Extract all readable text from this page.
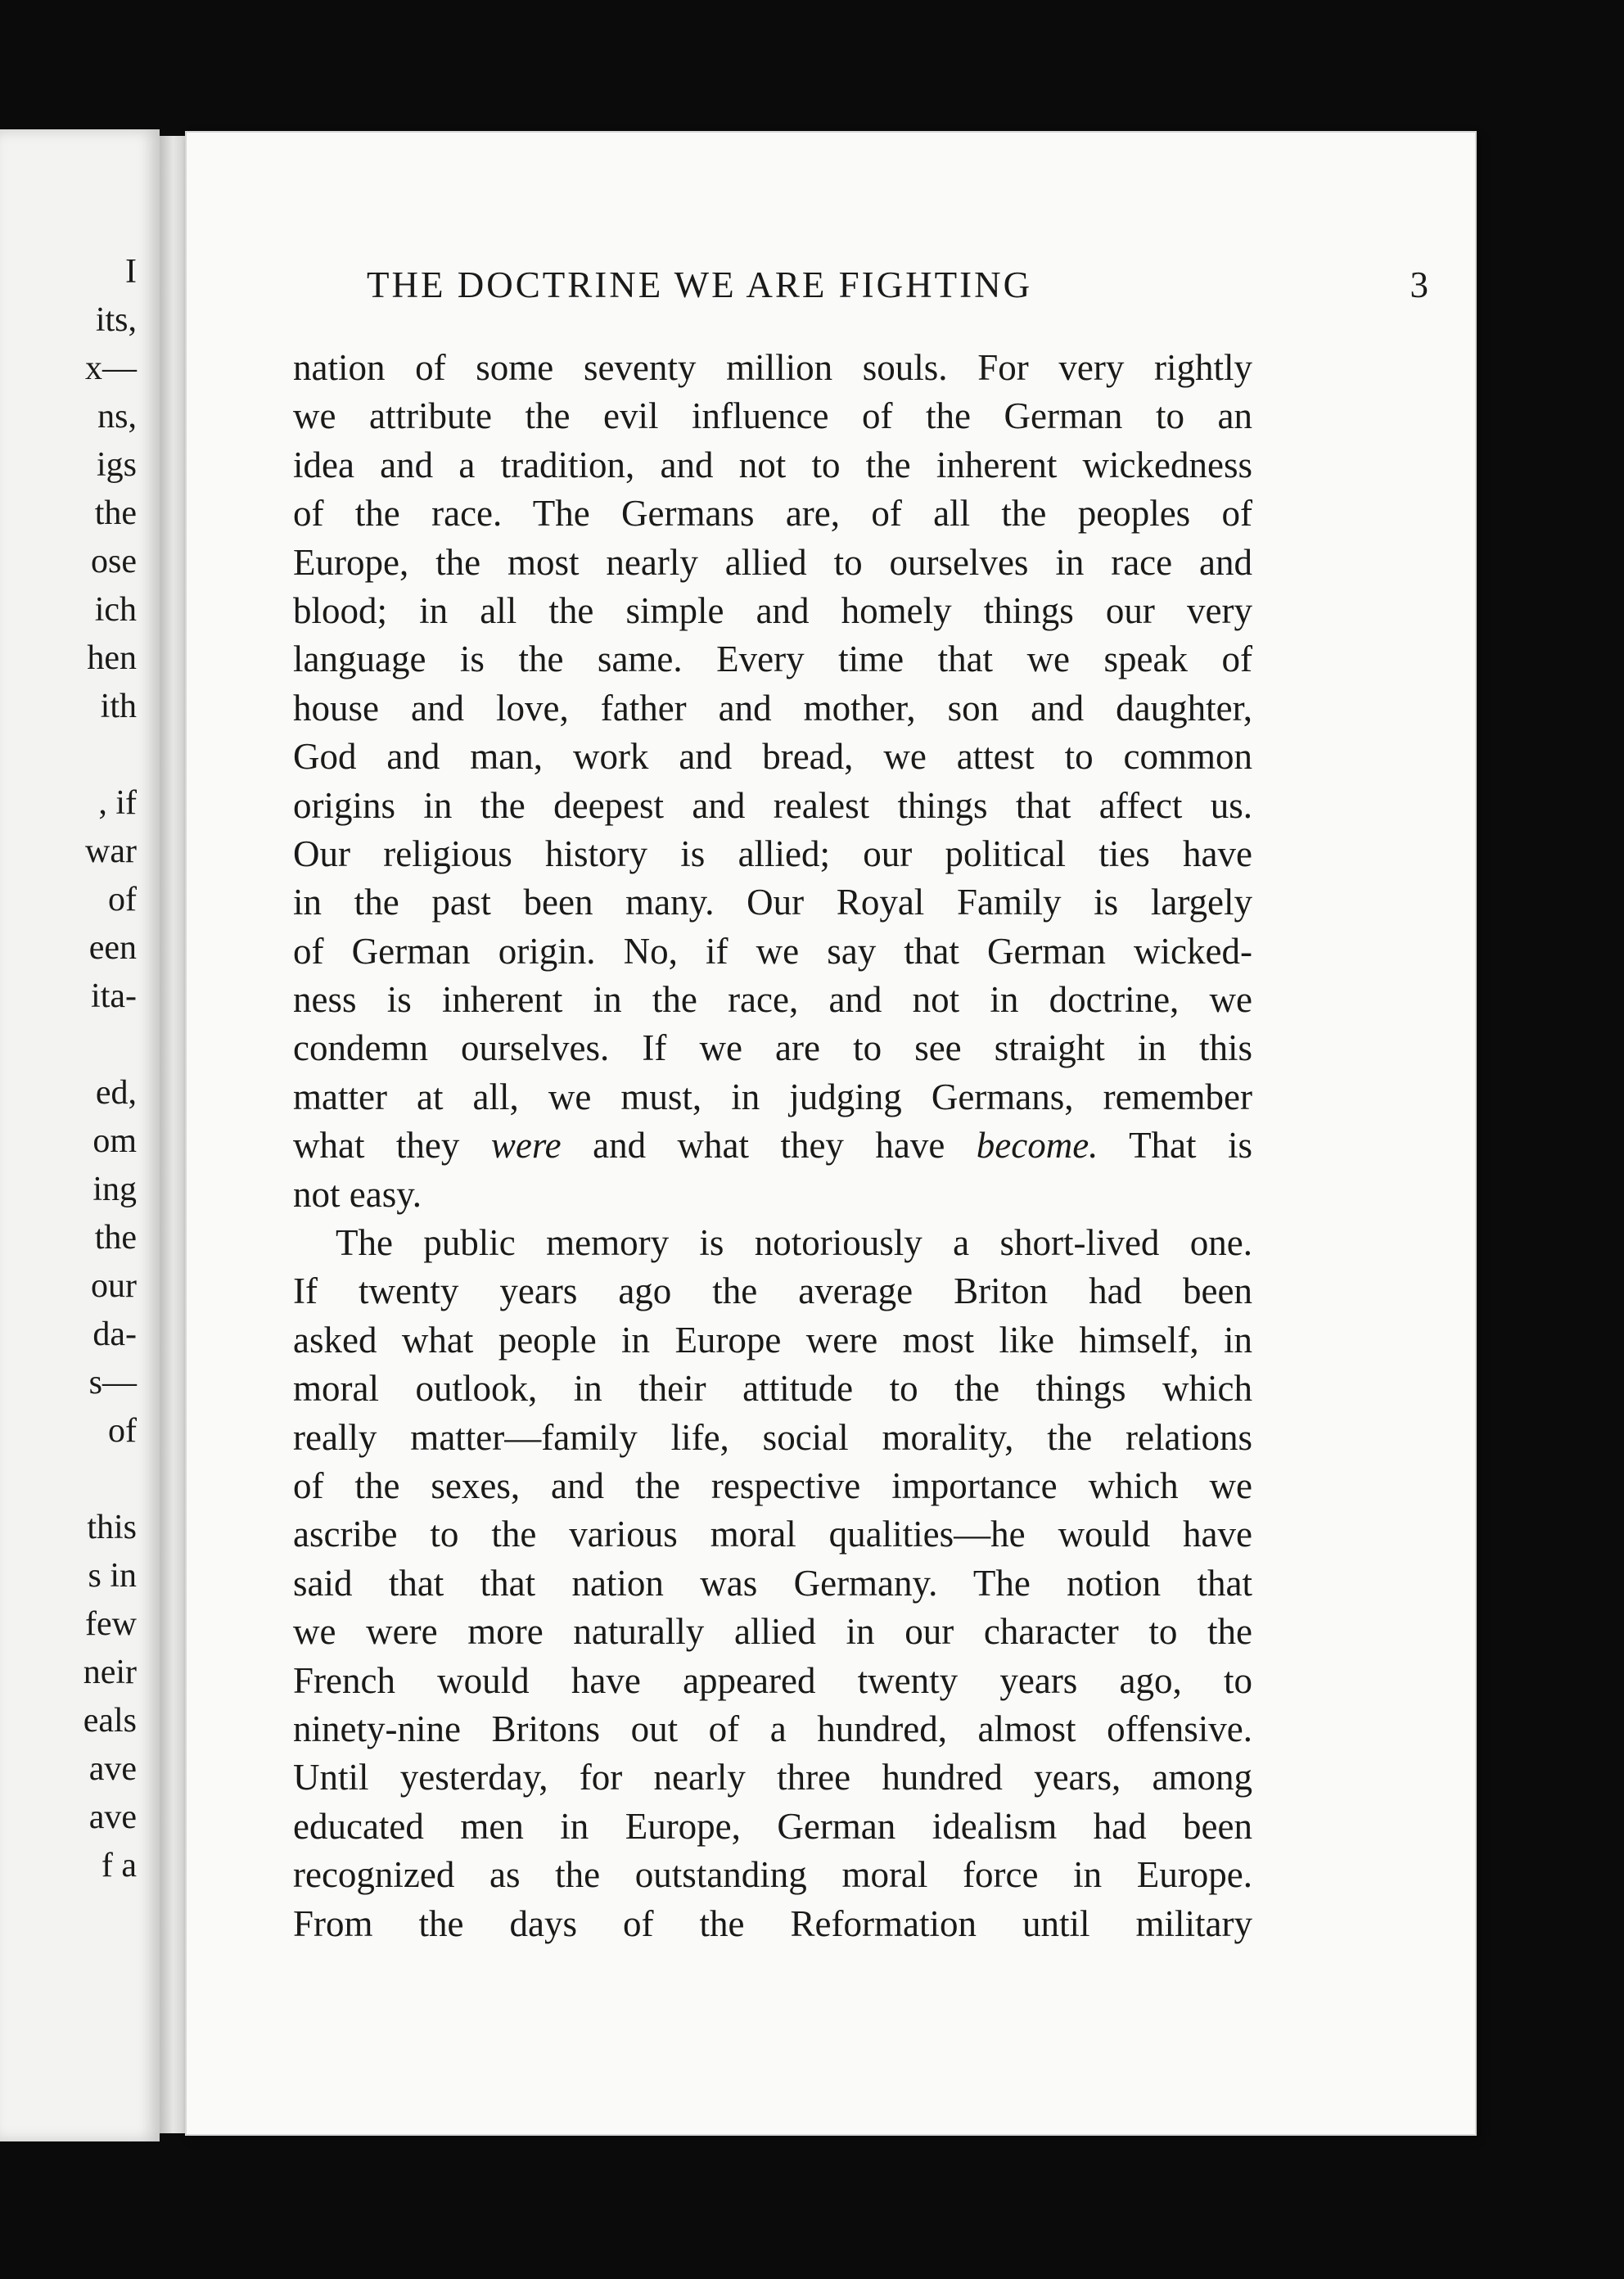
I
its,
x—
ns,
igs
the
ose
ich
hen
ith
, if
war
of
een
ita-
ed,
om
ing
the
our
da-
s—
of
this
s in
few
neir
eals
ave
ave
f a
THE DOCTRINE WE ARE FIGHTING	3
nation of some seventy million souls. For very rightly
we attribute the evil influence of the German to an
idea and a tradition, and not to the inherent wickedness
of the race. The Germans are, of all the peoples of
Europe, the most nearly allied to ourselves in race and
blood; in all the simple and homely things our very
language is the same. Every time that we speak of
house and love, father and mother, son and daughter,
God and man, work and bread, we attest to common
origins in the deepest and realest things that affect us.
Our religious history is allied; our political ties have
in the past been many. Our Royal Family is largely
of German origin. No, if we say that German wicked-
ness is inherent in the race, and not in doctrine, we
condemn ourselves. If we are to see straight in this
matter at all, we must, in judging Germans, remember
what they were and what they have become. That is
not easy.
The public memory is notoriously a short-lived one.
If twenty years ago the average Briton had been
asked what people in Europe were most like himself, in
moral outlook, in their attitude to the things which
really matter—family life, social morality, the relations
of the sexes, and the respective importance which we
ascribe to the various moral qualities—he would have
said that that nation was Germany. The notion that
we were more naturally allied in our character to the
French would have appeared twenty years ago, to
ninety-nine Britons out of a hundred, almost offensive.
Until yesterday, for nearly three hundred years, among
educated men in Europe, German idealism had been
recognized as the outstanding moral force in Europe.
From the days of the Reformation until military
